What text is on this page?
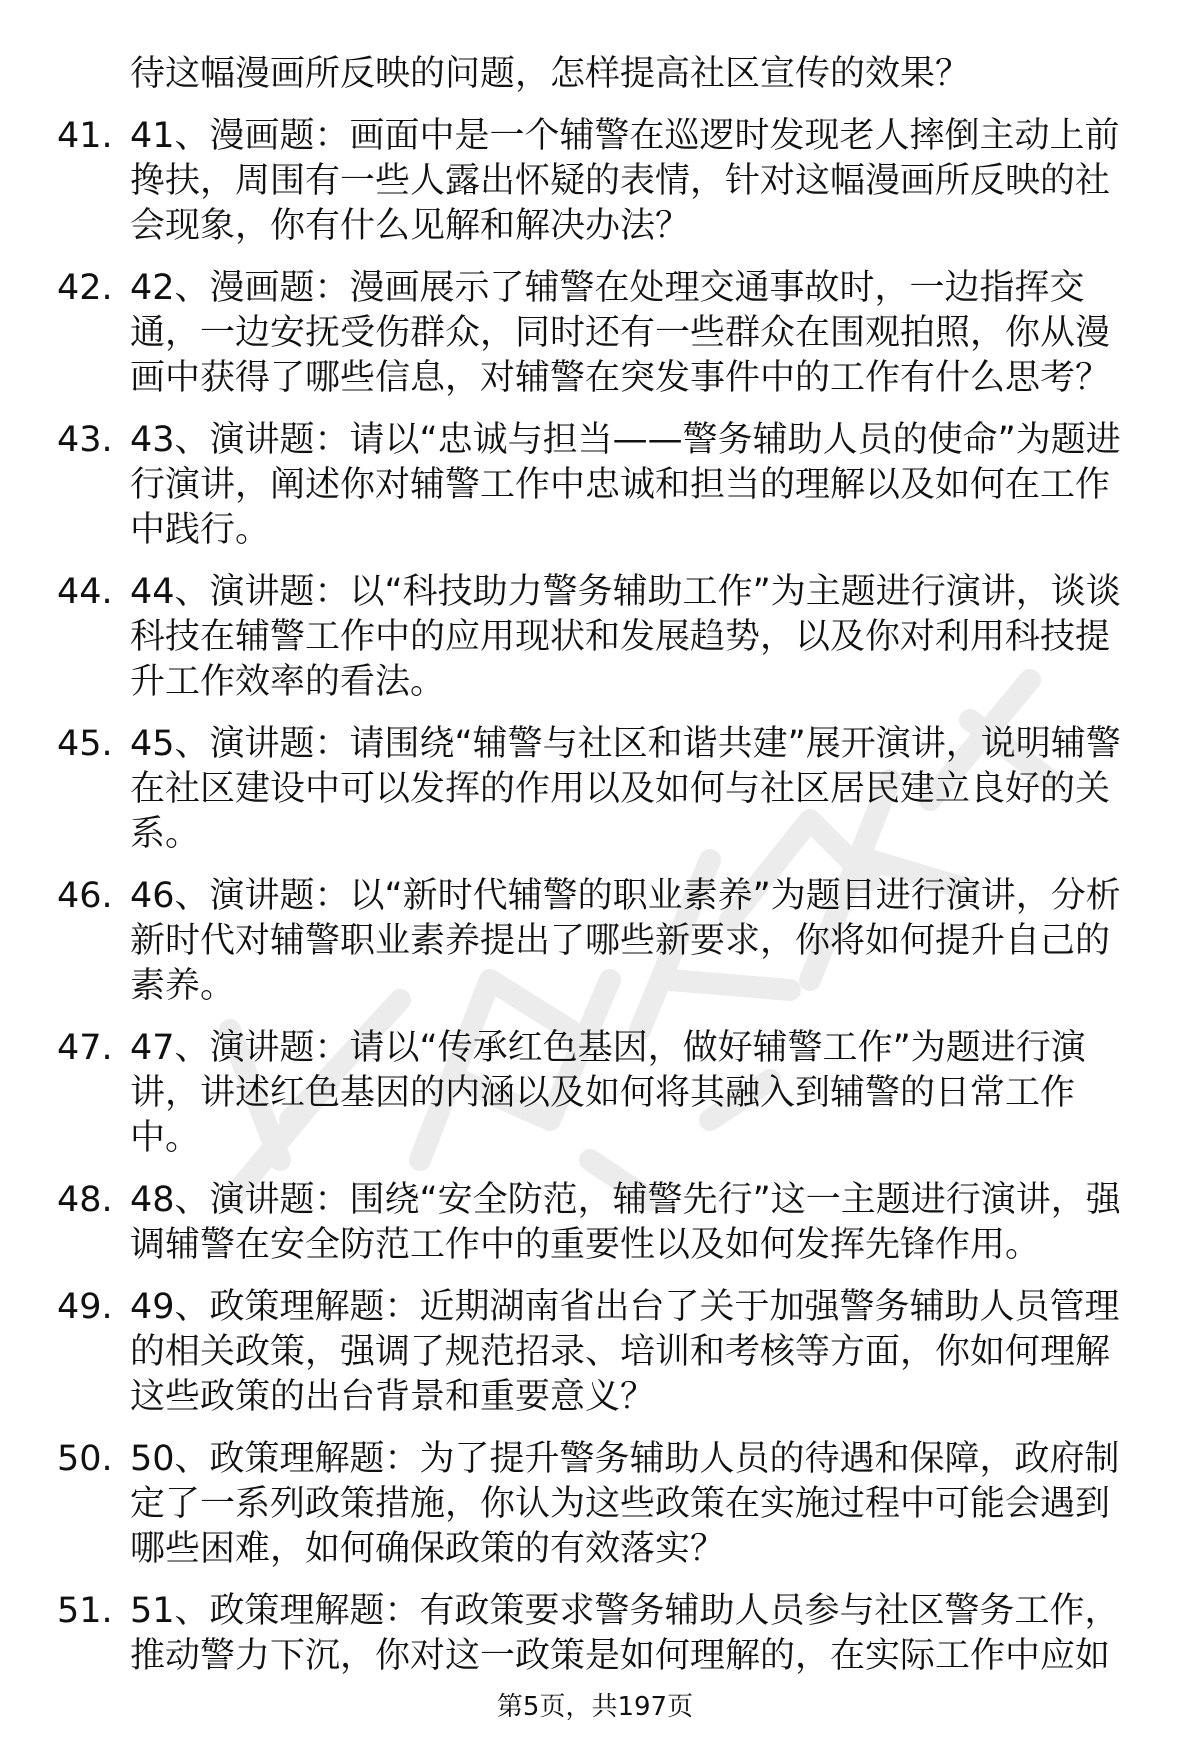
待这幅漫画所反映的问题，怎样提高社区宣传的效果？
41. 41、漫画题：画面中是一个辅警在巡逻时发现老人摔倒主动上前
搀扶，周围有一些人露出怀疑的表情，针对这幅漫画所反映的社
会现象，你有什么见解和解决办法？
42. 42、漫画题：漫画展示了辅警在处理交通事故时，一边指挥交
通，一边安抚受伤群众，同时还有一些群众在围观拍照，你从漫
画中获得了哪些信息，对辅警在突发事件中的工作有什么思考？
43. 43、演讲题：请以“忠诚与担当——警务辅助人员的使命”为题进
行演讲，阐述你对辅警工作中忠诚和担当的理解以及如何在工作
中践行。
44. 44、演讲题：以“科技助力警务辅助工作”为主题进行演讲，谈谈
科技在辅警工作中的应用现状和发展趋势，以及你对利用科技提
升工作效率的看法。
45. 45、演讲题：请围绕“辅警与社区和谐共建”展开演讲，说明辅警
在社区建设中可以发挥的作用以及如何与社区居民建立良好的关
系。
46. 46、演讲题：以“新时代辅警的职业素养”为题目进行演讲，分析
新时代对辅警职业素养提出了哪些新要求，你将如何提升自己的
素养。
47. 47、演讲题：请以“传承红色基因，做好辅警工作”为题进行演
讲，讲述红色基因的内涵以及如何将其融入到辅警的日常工作
中。
48. 48、演讲题：围绕“安全防范，辅警先行”这一主题进行演讲，强
调辅警在安全防范工作中的重要性以及如何发挥先锋作用。
49. 49、政策理解题：近期湖南省出台了关于加强警务辅助人员管理
的相关政策，强调了规范招录、培训和考核等方面，你如何理解
这些政策的出台背景和重要意义？
50. 50、政策理解题：为了提升警务辅助人员的待遇和保障，政府制
定了一系列政策措施，你认为这些政策在实施过程中可能会遇到
哪些困难，如何确保政策的有效落实？
51. 51、政策理解题：有政策要求警务辅助人员参与社区警务工作，
推动警力下沉，你对这一政策是如何理解的，在实际工作中应如
第5页，共197页
